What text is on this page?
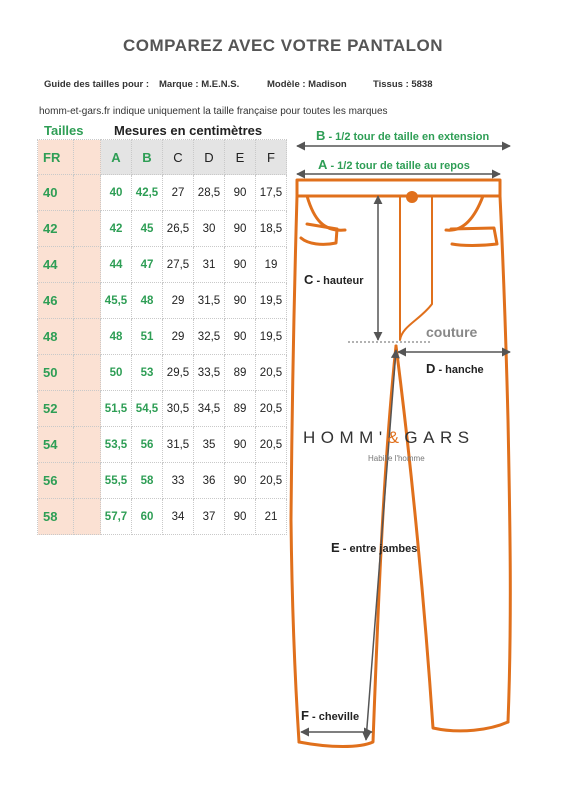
COMPAREZ AVEC VOTRE PANTALON
Guide des tailles pour : Marque : M.E.N.S.	Modèle : Madison	Tissus : 5838
homm-et-gars.fr indique uniquement la taille française pour toutes les marques
Tailles Mesures en centimètres
FR		A	B	C	D	E	F
40		40	42,5	27	28,5	90	17,5
42		42	45	26,5	30	90	18,5
44		44	47	27,5	31	90	19
46		45,5	48	29	31,5	90	19,5
48		48	51	29	32,5	90	19,5
50		50	53	29,5	33,5	89	20,5
52		51,5	54,5	30,5	34,5	89	20,5
54		53,5	56	31,5	35	90	20,5
56		55,5	58	33	36	90	20,5
58		57,7	60	34	37	90	21
B - 1/2 tour de taille en extension
A - 1/2 tour de taille au repos
C - hauteur
D - hanche
E - entre jambes
F - cheville
couture
HOMM'&GARS
Habille l'homme
